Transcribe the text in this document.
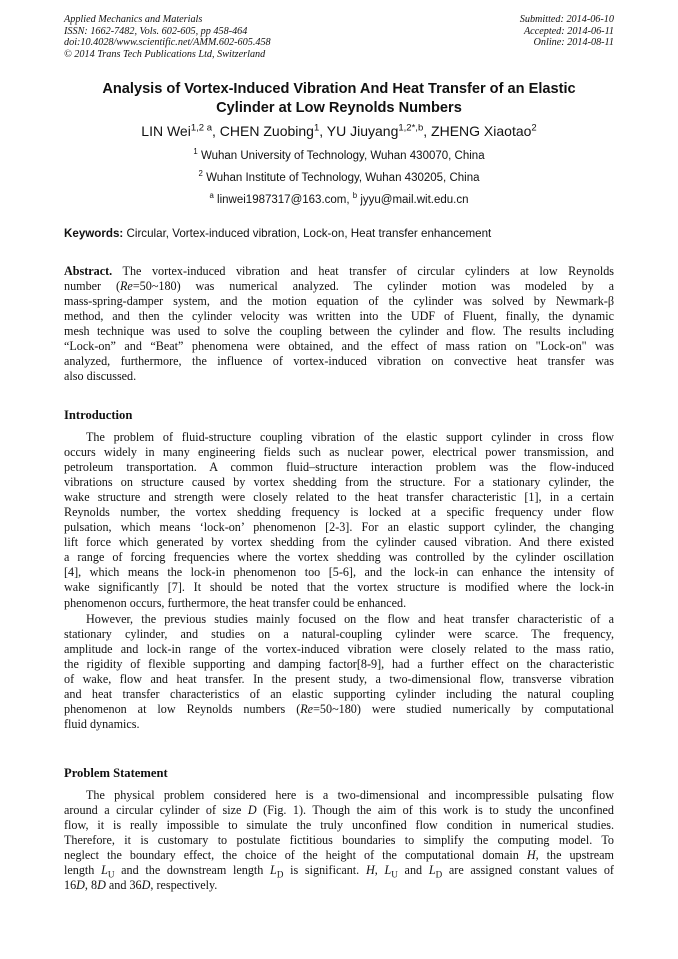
Applied Mechanics and Materials
ISSN: 1662-7482, Vols. 602-605, pp 458-464
doi:10.4028/www.scientific.net/AMM.602-605.458
© 2014 Trans Tech Publications Ltd, Switzerland
Submitted: 2014-06-10
Accepted: 2014-06-11
Online: 2014-08-11
Analysis of Vortex-Induced Vibration And Heat Transfer of an Elastic
Cylinder at Low Reynolds Numbers
LIN Wei$^{1,2 a}$, CHEN Zuobing$^1$, YU Jiuyang$^{1,2*,b}$, ZHENG Xiaotao$^2$
$^1$ Wuhan University of Technology, Wuhan 430070, China
$^2$ Wuhan Institute of Technology, Wuhan 430205, China
$^a$ linwei1987317@163.com, $^b$ jyyu@mail.wit.edu.cn
Keywords: Circular, Vortex-induced vibration, Lock-on, Heat transfer enhancement
Abstract. The vortex-induced vibration and heat transfer of circular cylinders at low Reynolds
number (Re=50~180) was numerical analyzed. The cylinder motion was modeled by a
mass-spring-damper system, and the motion equation of the cylinder was solved by Newmark-β
method, and then the cylinder velocity was written into the UDF of Fluent, finally, the dynamic
mesh technique was used to solve the coupling between the cylinder and flow. The results including
“Lock-on” and “Beat” phenomena were obtained, and the effect of mass ration on "Lock-on" was
analyzed, furthermore, the influence of vortex-induced vibration on convective heat transfer was
also discussed.
Introduction
The problem of fluid-structure coupling vibration of the elastic support cylinder in cross flow
occurs widely in many engineering fields such as nuclear power, electrical power transmission, and
petroleum transportation. A common fluid–structure interaction problem was the flow-induced
vibrations on structure caused by vortex shedding from the structure. For a stationary cylinder, the
wake structure and strength were closely related to the heat transfer characteristic [1], in a certain
Reynolds number, the vortex shedding frequency is locked at a specific frequency under flow
pulsation, which means ‘lock-on’ phenomenon [2-3]. For an elastic support cylinder, the changing
lift force which generated by vortex shedding from the cylinder caused vibration. And there existed
a range of forcing frequencies where the vortex shedding was controlled by the cylinder oscillation
[4], which means the lock-in phenomenon too [5-6], and the lock-in can enhance the intensity of
wake significantly [7]. It should be noted that the vortex structure is modified where the lock-in
phenomenon occurs, furthermore, the heat transfer could be enhanced.
However, the previous studies mainly focused on the flow and heat transfer characteristic of a
stationary cylinder, and studies on a natural-coupling cylinder were scarce. The frequency,
amplitude and lock-in range of the vortex-induced vibration were closely related to the mass ratio,
the rigidity of flexible supporting and damping factor[8-9], had a further effect on the characteristic
of wake, flow and heat transfer. In the present study, a two-dimensional flow, transverse vibration
and heat transfer characteristics of an elastic supporting cylinder including the natural coupling
phenomenon at low Reynolds numbers (Re=50~180) were studied numerically by computational
fluid dynamics.
Problem Statement
The physical problem considered here is a two-dimensional and incompressible pulsating flow
around a circular cylinder of size D (Fig. 1). Though the aim of this work is to study the unconfined
flow, it is really impossible to simulate the truly unconfined flow condition in numerical studies.
Therefore, it is customary to postulate fictitious boundaries to simplify the computing model. To
neglect the boundary effect, the choice of the height of the computational domain H, the upstream
length $L_U$ and the downstream length $L_D$ is significant. H, $L_U$ and $L_D$ are assigned constant values of
16D, 8D and 36D, respectively.
